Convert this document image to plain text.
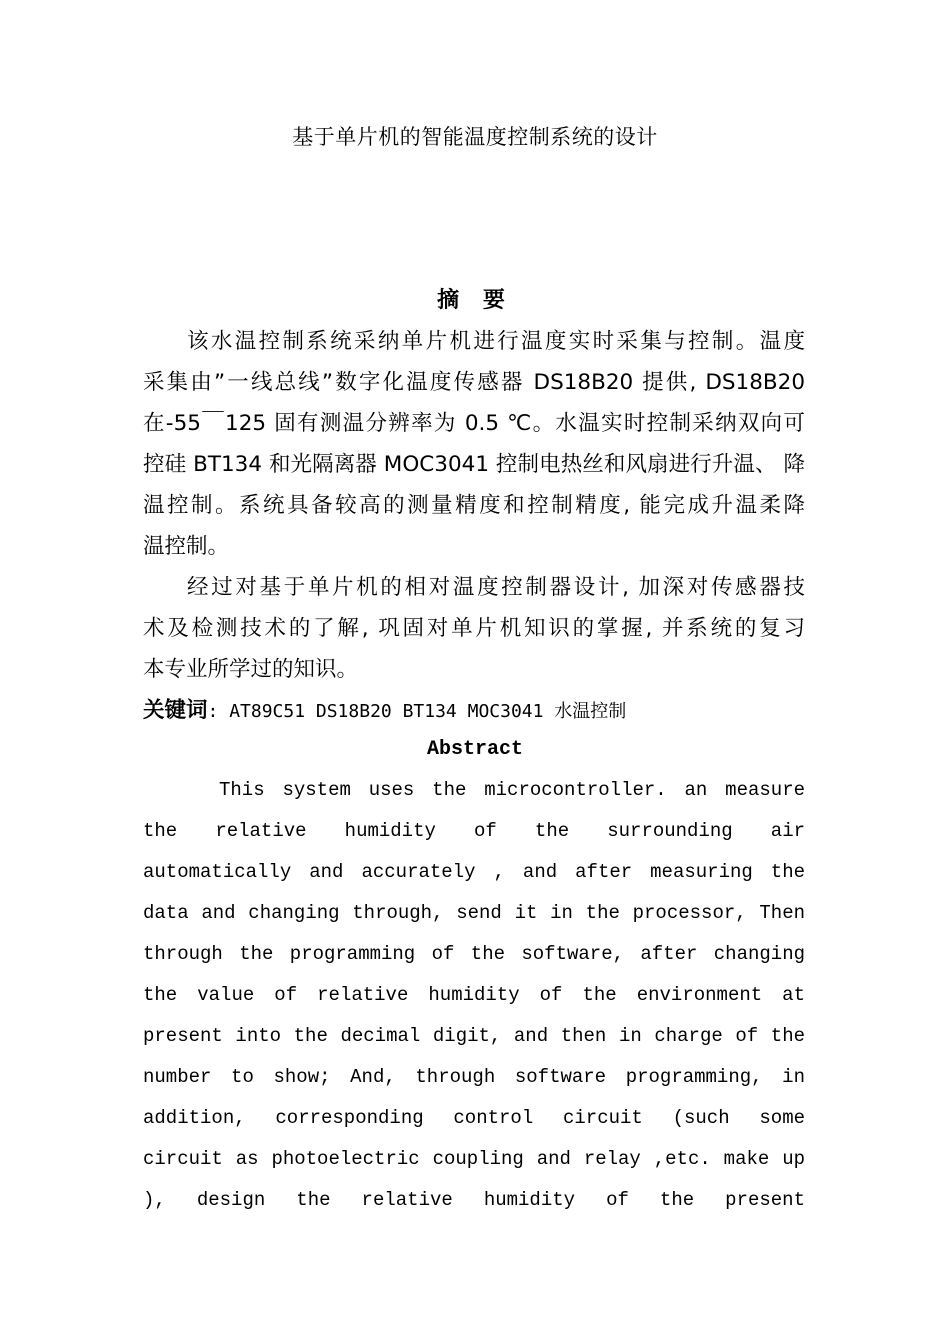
基于单片机的智能温度控制系统的设计
摘 要
该水温控制系统采纳单片机进行温度实时采集与控制。温度
采集由”一线总线”数字化温度传感器 DS18B20 提供, DS18B20
在-55￣125 固有测温分辨率为 0.5 ℃。水温实时控制采纳双向可
控硅 BT134 和光隔离器 MOC3041 控制电热丝和风扇进行升温、 降
温控制。系统具备较高的测量精度和控制精度, 能完成升温柔降
温控制。
经过对基于单片机的相对温度控制器设计, 加深对传感器技
术及检测技术的了解, 巩固对单片机知识的掌握, 并系统的复习
本专业所学过的知识。
关键词: AT89C51 DS18B20 BT134 MOC3041 水温控制
Abstract
This system uses the microcontroller. an measure
the relative humidity of the surrounding air
automatically and accurately , and after measuring the
data and changing through, send it in the processor, Then
through the programming of the software, after changing
the value of relative humidity of the environment at
present into the decimal digit, and then in charge of the
number to show; And, through software programming, in
addition, corresponding control circuit (such some
circuit as photoelectric coupling and relay ,etc. make up
), design the relative humidity of the present
